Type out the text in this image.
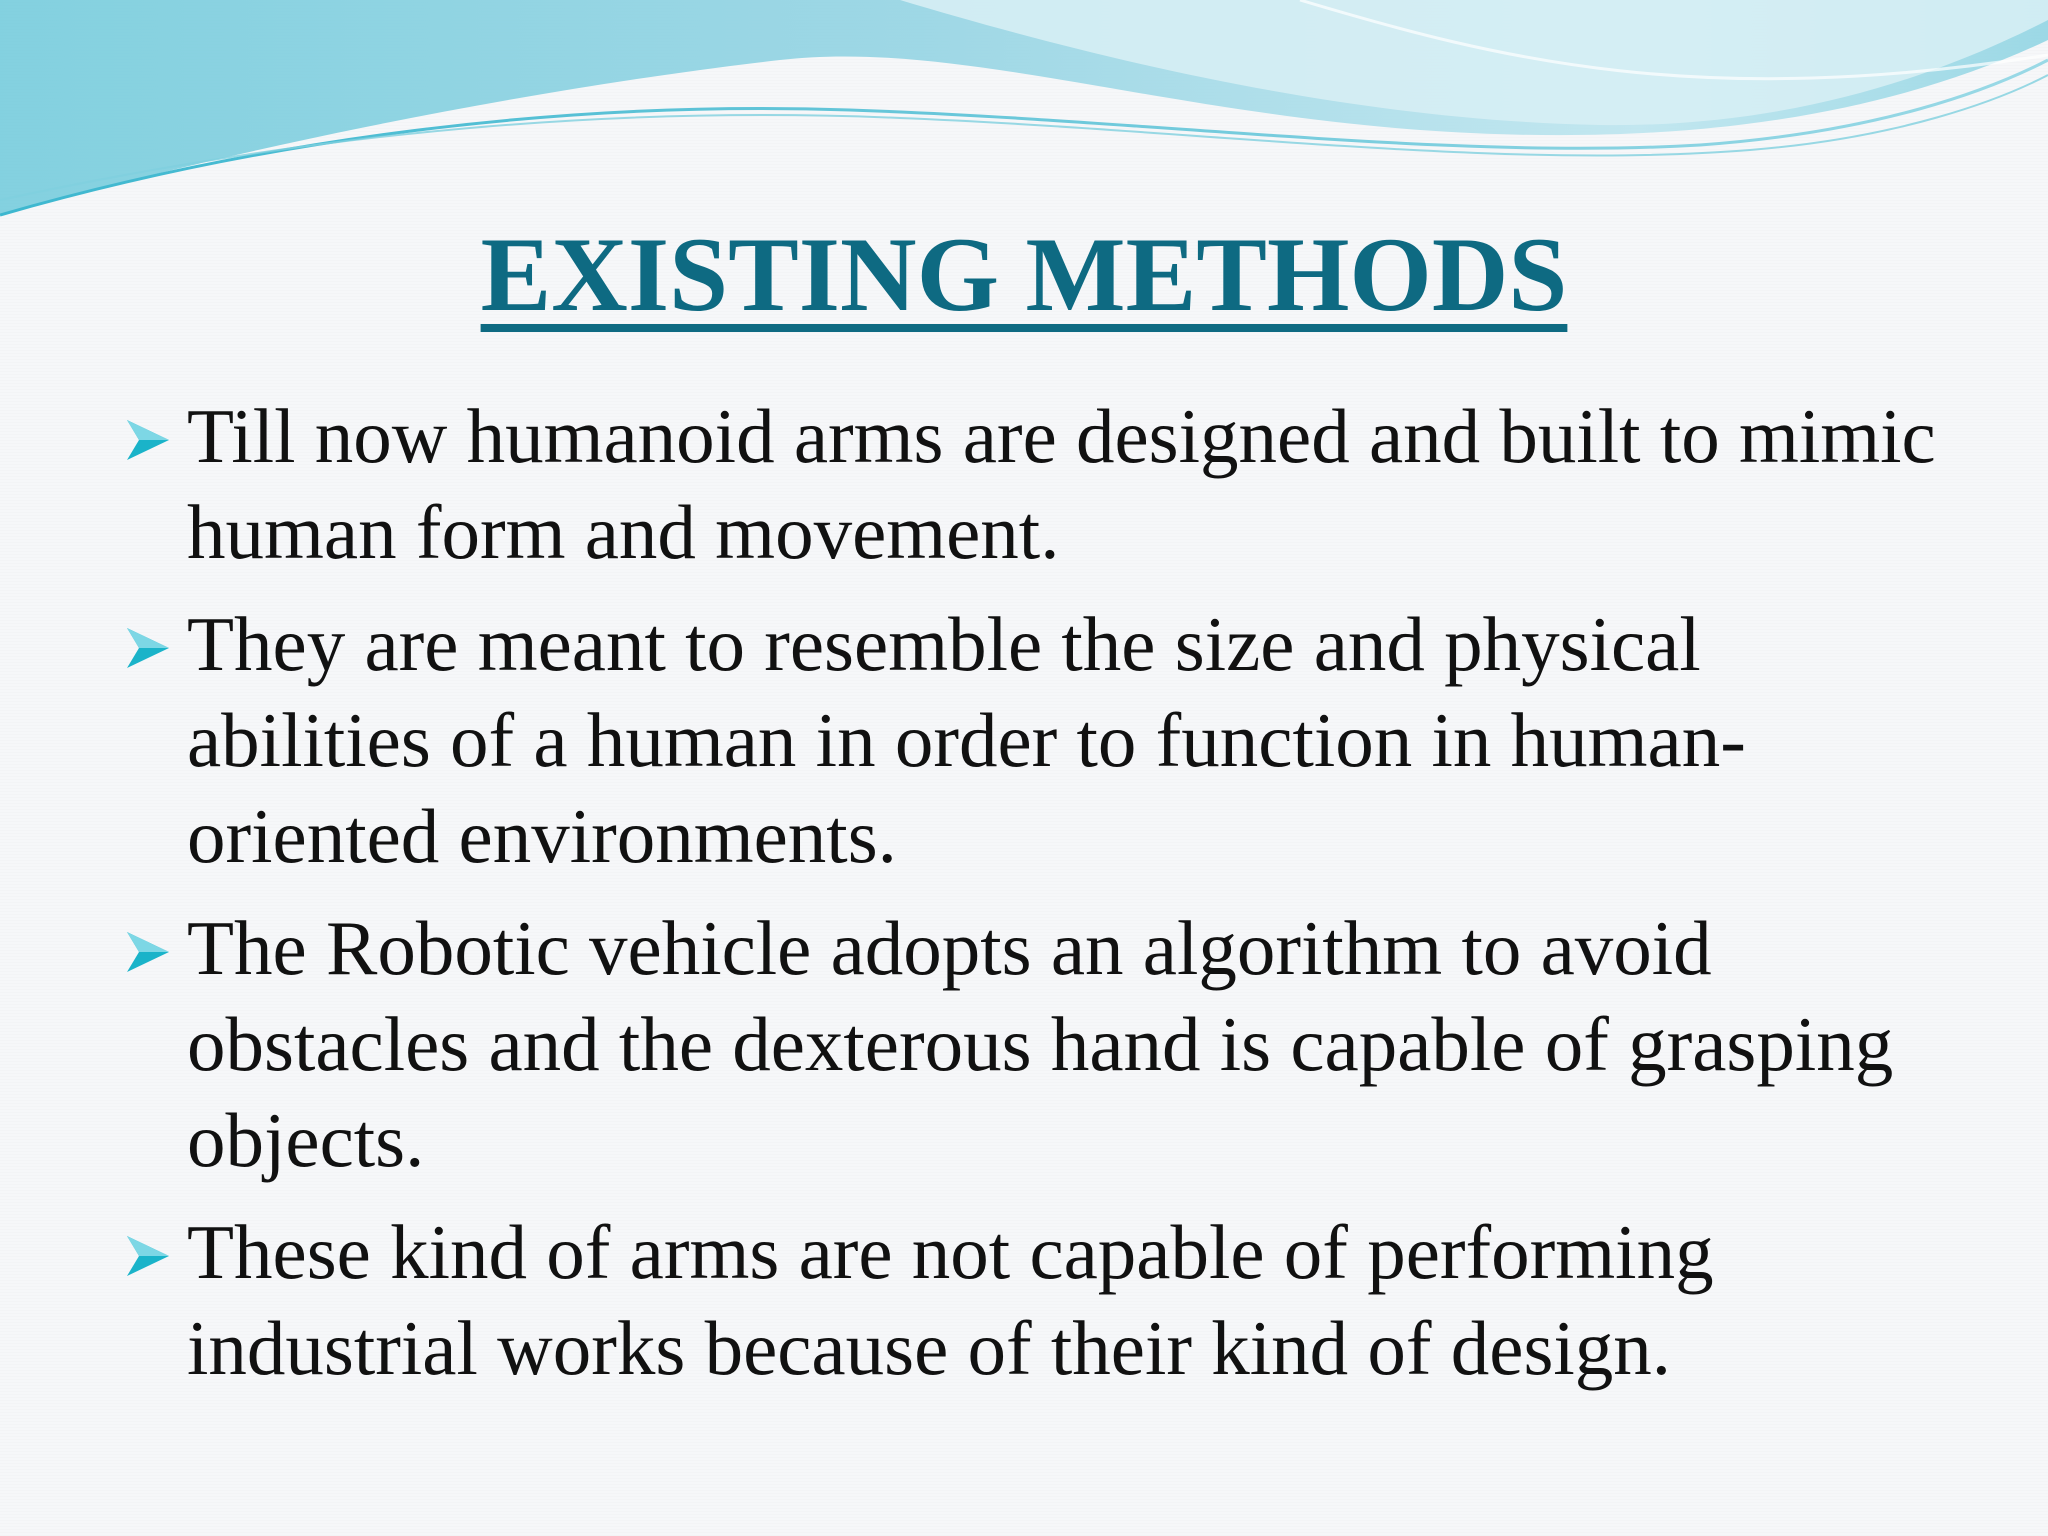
EXISTING METHODS
Till now humanoid arms are designed and built to mimic human form and movement.
They are meant to resemble the size and physical abilities of a human in order to function in human-oriented environments.
The Robotic vehicle adopts an algorithm to avoid obstacles and the dexterous hand is capable of grasping objects.
These kind of arms are not capable of performing industrial works because of their kind of design.
